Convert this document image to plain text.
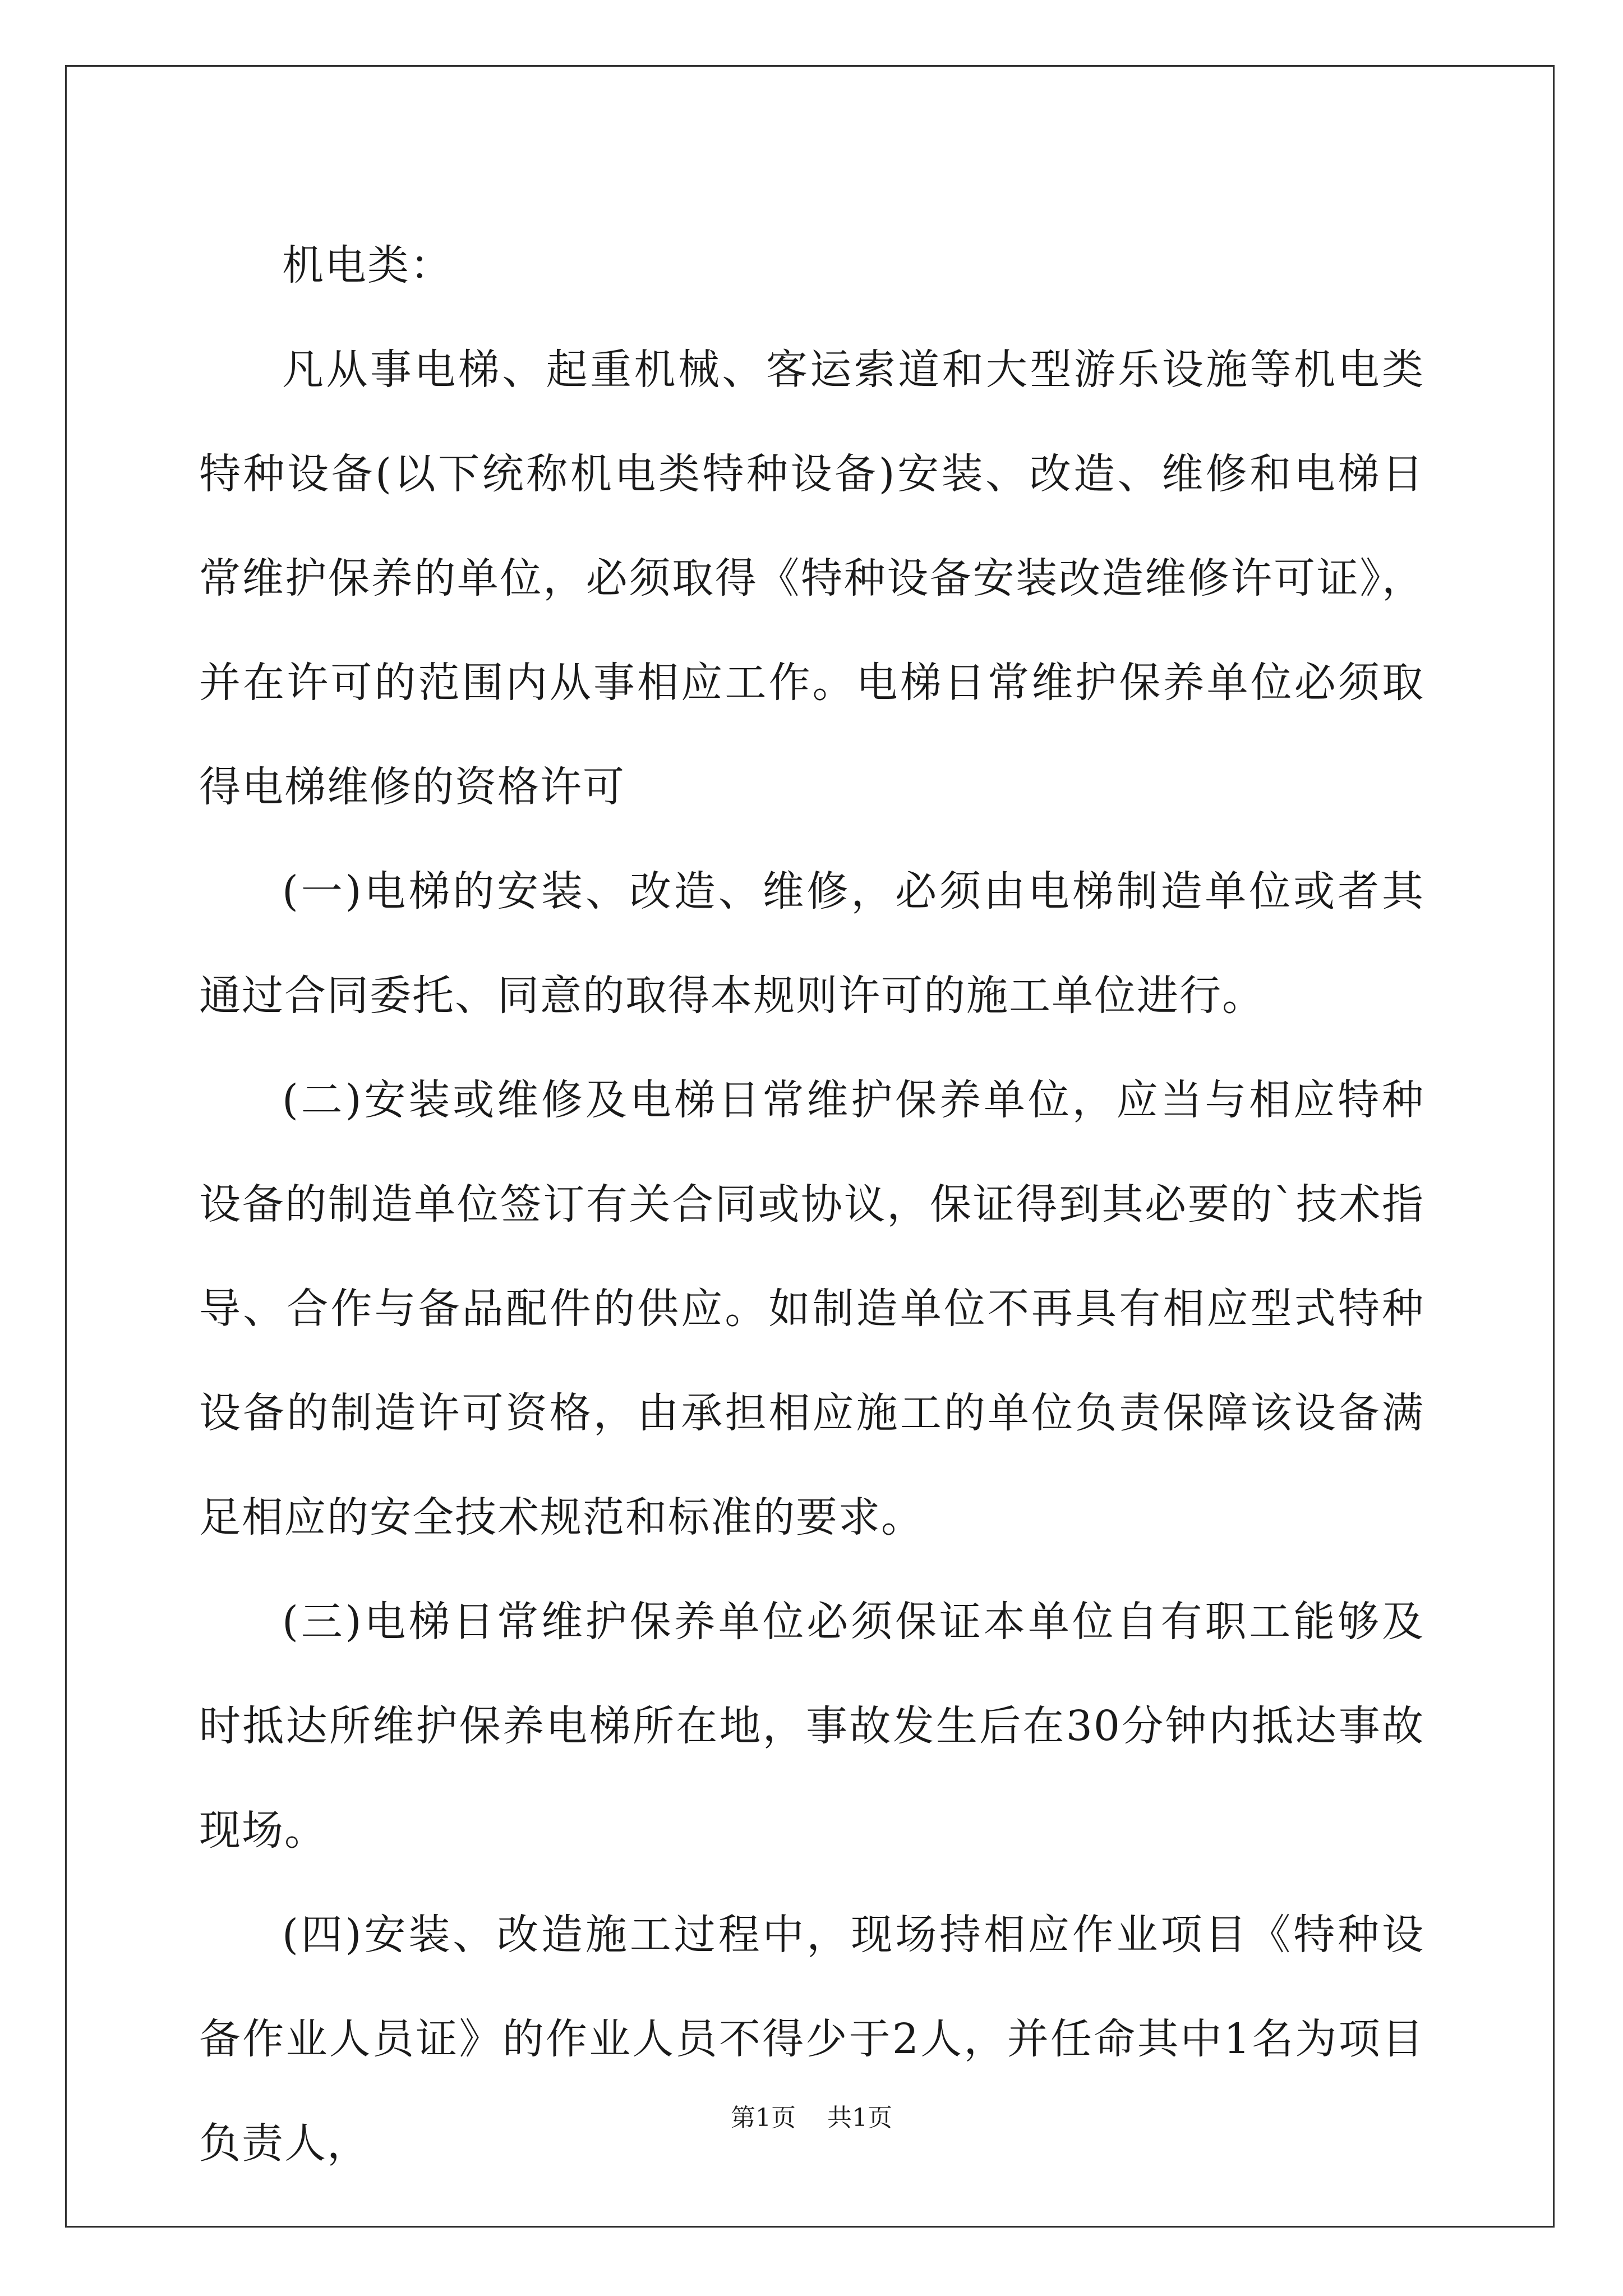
机电类：

凡从事电梯、起重机械、客运索道和大型游乐设施等机电类特种设备(以下统称机电类特种设备)安装、改造、维修和电梯日常维护保养的单位，必须取得《特种设备安装改造维修许可证》，并在许可的范围内从事相应工作。电梯日常维护保养单位必须取得电梯维修的资格许可

(一)电梯的安装、改造、维修，必须由电梯制造单位或者其通过合同委托、同意的取得本规则许可的施工单位进行。

(二)安装或维修及电梯日常维护保养单位，应当与相应特种设备的制造单位签订有关合同或协议，保证得到其必要的`技术指导、合作与备品配件的供应。如制造单位不再具有相应型式特种设备的制造许可资格，由承担相应施工的单位负责保障该设备满足相应的安全技术规范和标准的要求。

(三)电梯日常维护保养单位必须保证本单位自有职工能够及时抵达所维护保养电梯所在地，事故发生后在30分钟内抵达事故现场。

(四)安装、改造施工过程中，现场持相应作业项目《特种设备作业人员证》的作业人员不得少于2人，并任命其中1名为项目负责人，

第1页 共1页
